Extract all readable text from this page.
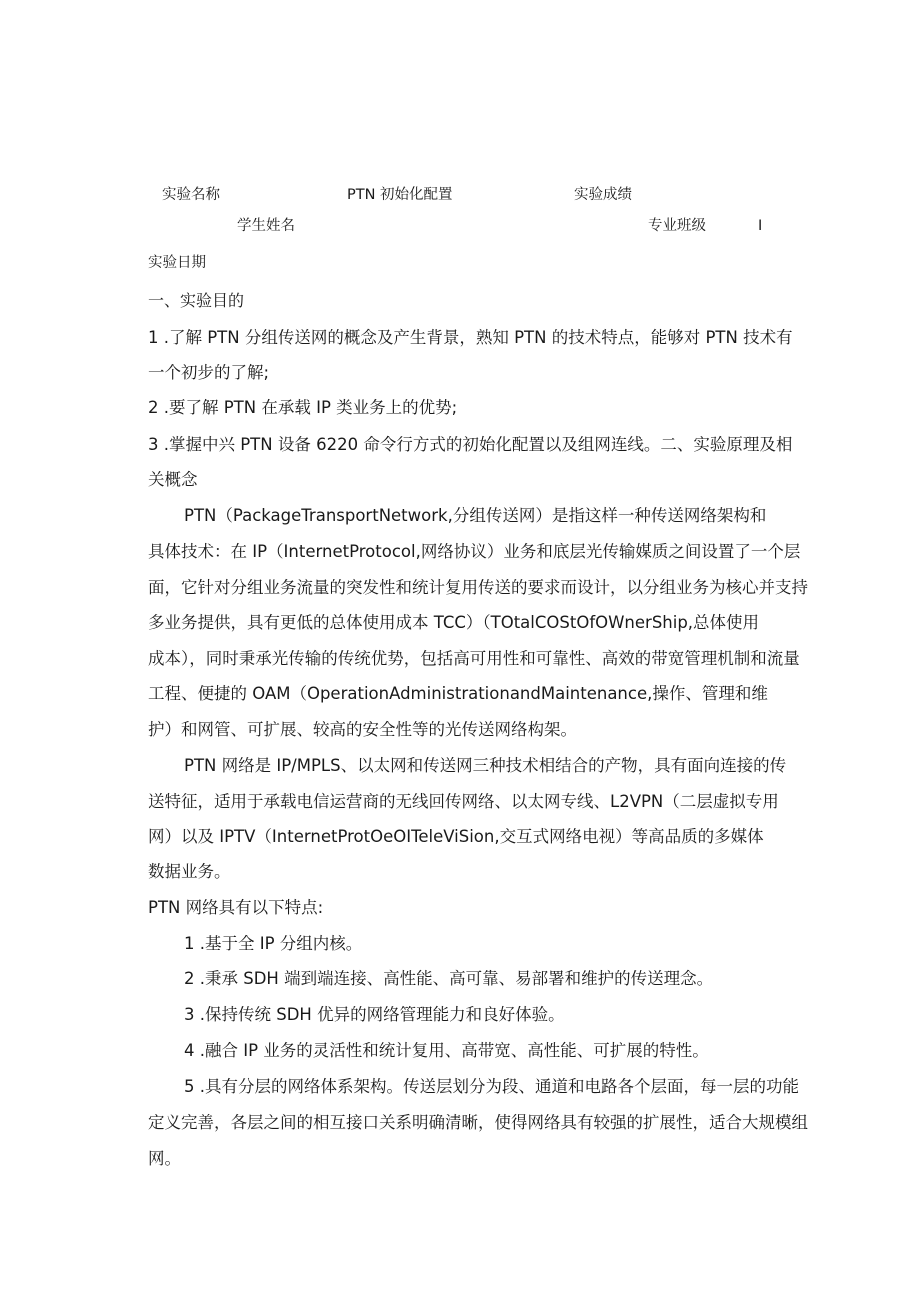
实验名称	PTN 初始化配置	实验成绩
学生姓名	专业班级	I
实验日期
一、实验目的
1 .了解 PTN 分组传送网的概念及产生背景，熟知 PTN 的技术特点，能够对 PTN 技术有
一个初步的了解;
2 .要了解 PTN 在承载 IP 类业务上的优势;
3 .掌握中兴 PTN 设备 6220 命令行方式的初始化配置以及组网连线。二、实验原理及相
关概念
PTN（PackageTransportNetwork,分组传送网）是指这样一种传送网络架构和
具体技术：在 IP（InternetProtocol,网络协议）业务和底层光传输媒质之间设置了一个层
面，它针对分组业务流量的突发性和统计复用传送的要求而设计，以分组业务为核心并支持
多业务提供，具有更低的总体使用成本 TCC）（TOtalCOStOfOWnerShip,总体使用
成本），同时秉承光传输的传统优势，包括高可用性和可靠性、高效的带宽管理机制和流量
工程、便捷的 OAM（OperationAdministrationandMaintenance,操作、管理和维
护）和网管、可扩展、较高的安全性等的光传送网络构架。
PTN 网络是 IP/MPLS、以太网和传送网三种技术相结合的产物，具有面向连接的传
送特征，适用于承载电信运营商的无线回传网络、以太网专线、L2VPN（二层虚拟专用
网）以及 IPTV（InternetProtOeOITeleViSion,交互式网络电视）等高品质的多媒体
数据业务。
PTN 网络具有以下特点:
1 .基于全 IP 分组内核。
2 .秉承 SDH 端到端连接、高性能、高可靠、易部署和维护的传送理念。
3 .保持传统 SDH 优异的网络管理能力和良好体验。
4 .融合 IP 业务的灵活性和统计复用、高带宽、高性能、可扩展的特性。
5 .具有分层的网络体系架构。传送层划分为段、通道和电路各个层面，每一层的功能
定义完善，各层之间的相互接口关系明确清晰，使得网络具有较强的扩展性，适合大规模组
网。
